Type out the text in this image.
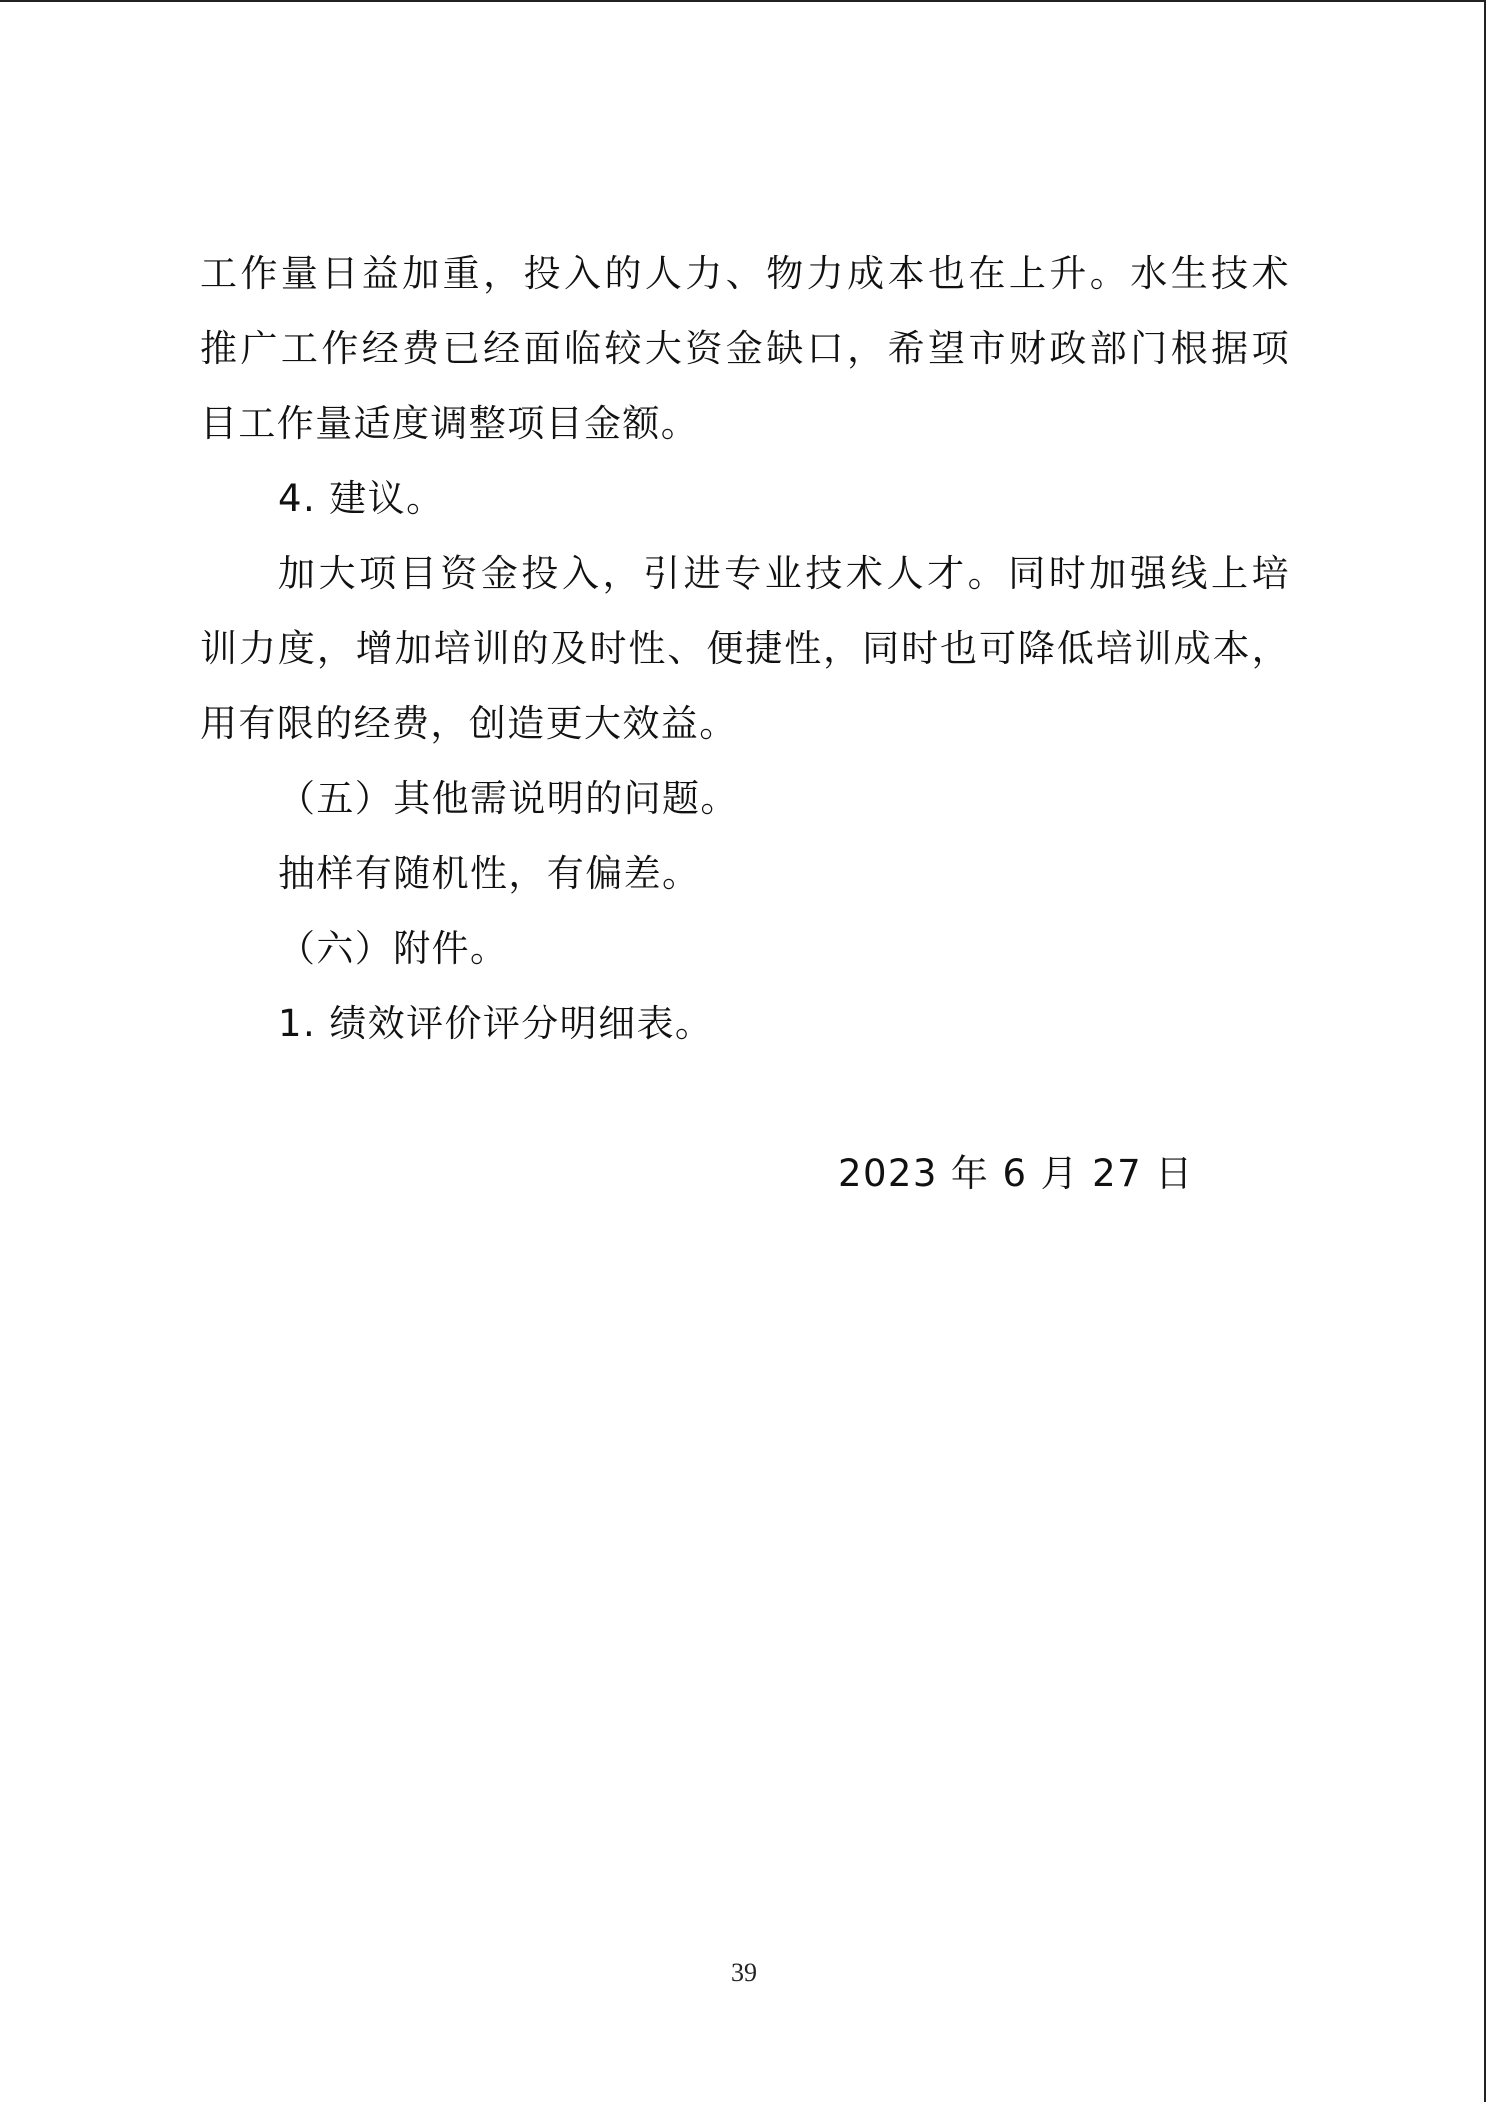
工作量日益加重，投入的人力、物力成本也在上升。水生技术
推广工作经费已经面临较大资金缺口，希望市财政部门根据项
目工作量适度调整项目金额。
4. 建议。
加大项目资金投入，引进专业技术人才。同时加强线上培
训力度，增加培训的及时性、便捷性，同时也可降低培训成本，
用有限的经费，创造更大效益。
（五）其他需说明的问题。
抽样有随机性，有偏差。
（六）附件。
1. 绩效评价评分明细表。
2023 年 6 月 27 日
39
